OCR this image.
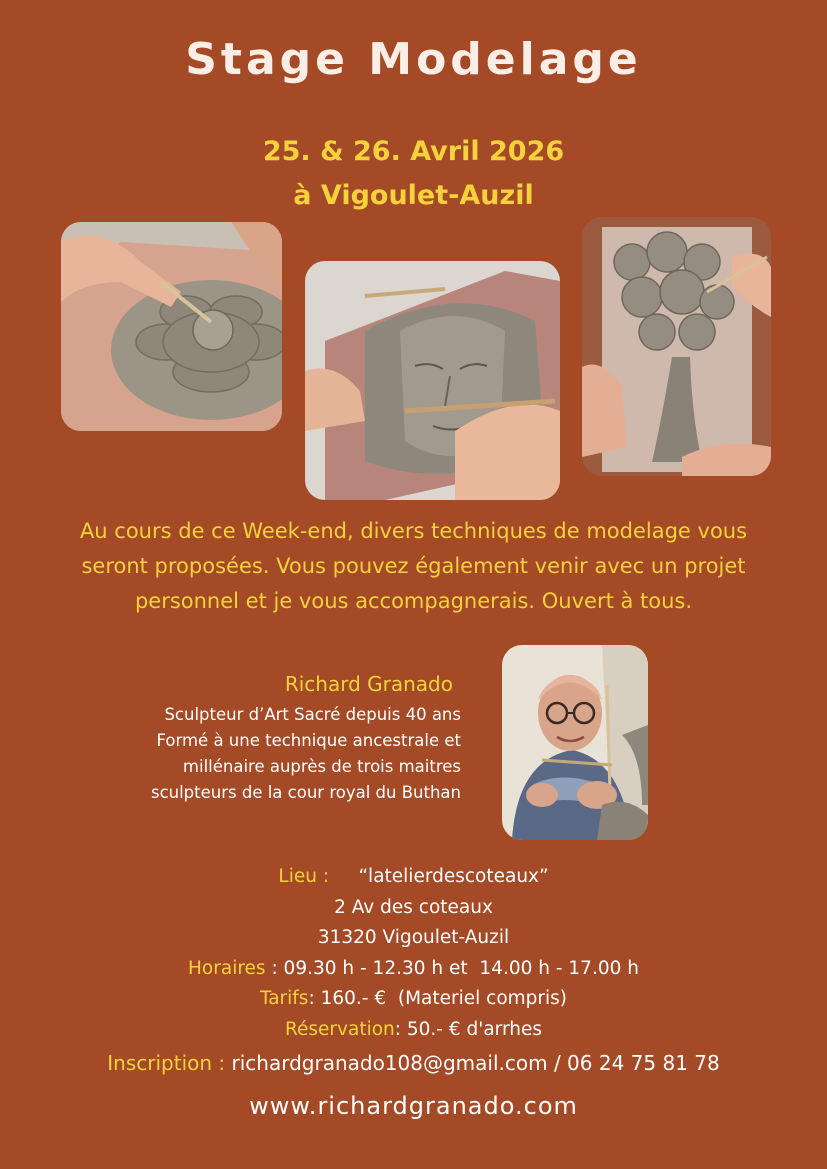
Stage Modelage
25. & 26. Avril 2026
à Vigoulet-Auzil
Au cours de ce Week-end, divers techniques de modelage vous
seront proposées. Vous pouvez également venir avec un projet
personnel et je vous accompagnerais. Ouvert à tous.
Richard Granado
Sculpteur d’Art Sacré depuis 40 ans
Formé à une technique ancestrale et
millénaire auprès de trois maitres
sculpteurs de la cour royal du Buthan
Lieu : “latelierdescoteaux”
2 Av des coteaux
31320 Vigoulet-Auzil
Horaires : 09.30 h - 12.30 h et  14.00 h - 17.00 h
Tarifs: 160.- €  (Materiel compris)
Réservation: 50.- € d'arrhes
Inscription : richardgranado108@gmail.com / 06 24 75 81 78
www.richardgranado.com
